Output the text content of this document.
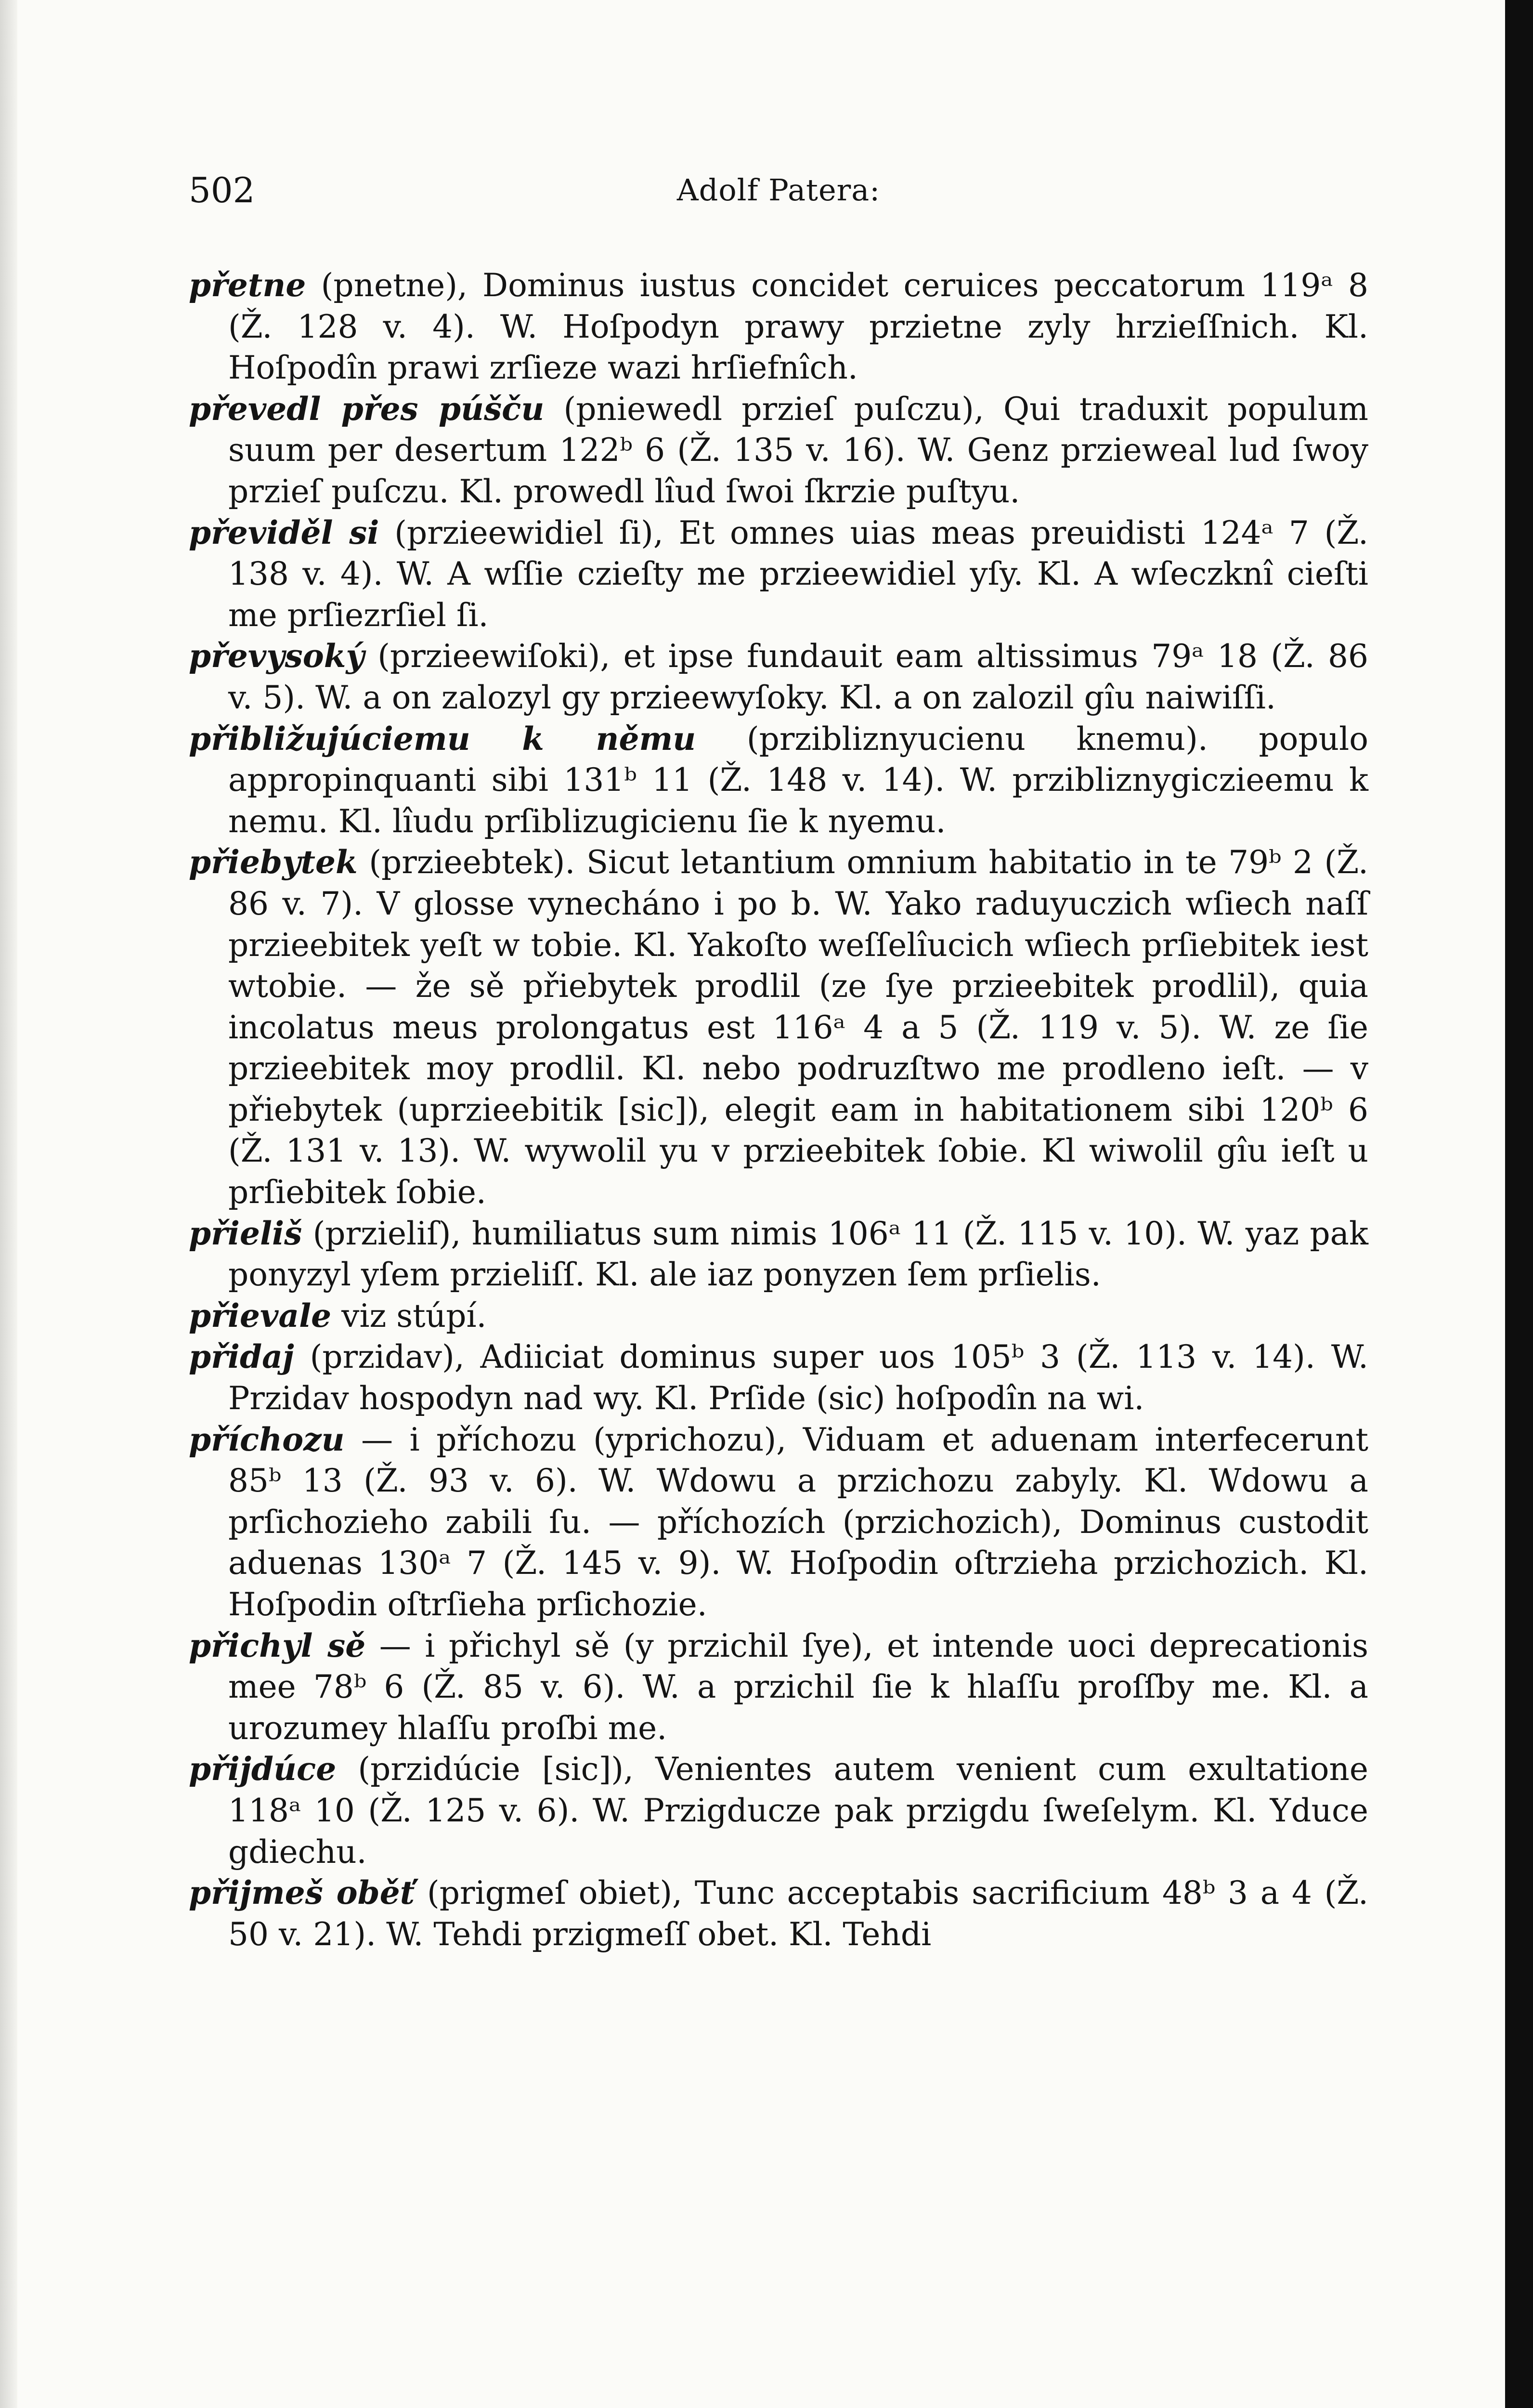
502	Adolf Patera:

přetne (pnetne), Dominus iustus concidet ceruices peccatorum 119ᵃ 8 (Ž. 128 v. 4). W. Hoſpodyn prawy przietne zyly hrzieſſnich. Kl. Hoſpodîn prawi zrſieze wazi hrſiefnîch.

převedl přes púšču (pniewedl przieſ puſczu), Qui traduxit populum suum per desertum 122ᵇ 6 (Ž. 135 v. 16). W. Genz przieweal lud ſwoy przieſ puſczu. Kl. prowedl lîud ſwoi ſkrzie puſtyu.

převiděl si (przieewidiel ſi), Et omnes uias meas preuidisti 124ᵃ 7 (Ž. 138 v. 4). W. A wſſie czieſty me przieewidiel yſy. Kl. A wſeczknî cieſti me prſiezrſiel ſi.

převysoký (przieewiſoki), et ipse fundauit eam altissimus 79ᵃ 18 (Ž. 86 v. 5). W. a on zalozyl gy przieewyſoky. Kl. a on zalozil gîu naiwiſſi.

přibližujúciemu k němu (przibliznyucienu knemu). populo appropinquanti sibi 131ᵇ 11 (Ž. 148 v. 14). W. przibliznygiczieemu k nemu. Kl. lîudu prſiblizugicienu ſie k nyemu.

přiebytek (przieebtek). Sicut letantium omnium habitatio in te 79ᵇ 2 (Ž. 86 v. 7). V glosse vynecháno i po b. W. Yako raduyuczich wſiech naſſ przieebitek yeſt w tobie. Kl. Yakoſto weſſelîucich wſiech prſiebitek iest wtobie. — že sě přiebytek prodlil (ze ſye przieebitek prodlil), quia incolatus meus prolongatus est 116ᵃ 4 a 5 (Ž. 119 v. 5). W. ze ſie przieebitek moy prodlil. Kl. nebo podruzſtwo me prodleno ieſt. — v přiebytek (uprzieebitik [sic]), elegit eam in habitationem sibi 120ᵇ 6 (Ž. 131 v. 13). W. wywolil yu v przieebitek ſobie. Kl wiwolil gîu ieſt u prſiebitek ſobie.

přieliš (przieliſ), humiliatus sum nimis 106ᵃ 11 (Ž. 115 v. 10). W. yaz pak ponyzyl yſem przieliſſ. Kl. ale iaz ponyzen ſem prſielis.

přievale viz stúpí.

přidaj (przidav), Adiiciat dominus super uos 105ᵇ 3 (Ž. 113 v. 14). W. Przidav hospodyn nad wy. Kl. Prſide (sic) hoſpodîn na wi.

příchozu — i příchozu (yprichozu), Viduam et aduenam interfecerunt 85ᵇ 13 (Ž. 93 v. 6). W. Wdowu a przichozu zabyly. Kl. Wdowu a prſichozieho zabili ſu. — příchozích (przichozich), Dominus custodit aduenas 130ᵃ 7 (Ž. 145 v. 9). W. Hoſpodin oſtrzieha przichozich. Kl. Hoſpodin oſtrſieha prſichozie.

přichyl sě — i přichyl sě (y przichil ſye), et intende uoci deprecationis mee 78ᵇ 6 (Ž. 85 v. 6). W. a przichil ſie k hlaſſu proſſby me. Kl. a urozumey hlaſſu proſbi me.

přijdúce (przidúcie [sic]), Venientes autem venient cum exultatione 118ᵃ 10 (Ž. 125 v. 6). W. Przigducze pak przigdu ſweſelym. Kl. Yduce gdiechu.

přijmeš oběť (prigmeſ obiet), Tunc acceptabis sacrificium 48ᵇ 3 a 4 (Ž. 50 v. 21). W. Tehdi przigmeſſ obet. Kl. Tehdi
